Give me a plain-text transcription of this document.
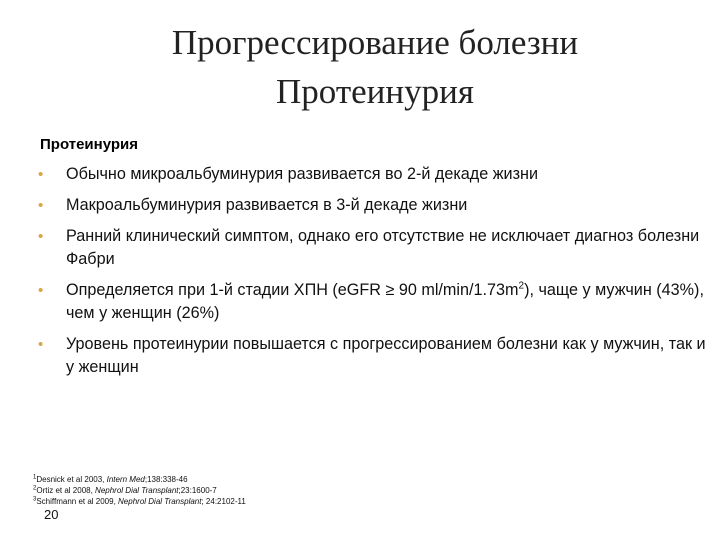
Прогрессирование болезни
Протеинурия
Протеинурия
• Обычно микроальбуминурия развивается во 2-й декаде жизни
• Макроальбуминурия развивается в 3-й декаде жизни
• Ранний клинический симптом, однако его отсутствие не исключает диагноз болезни Фабри
• Определяется при 1-й стадии ХПН (eGFR ≥ 90 $ml/\min/1.73m^2$), чаще у мужчин (43%), чем у женщин (26%)
• Уровень протеинурии повышается с прогрессированием болезни как у мужчин, так и у женщин
$^1$Desnick et al 2003, Intern Med;138:338-46
$^2$Ortiz et al 2008, Nephrol Dial Transplant;23:1600-7
$^3$Schiffmann et al 2009, Nephrol Dial Transplant; 24:2102-11
20
